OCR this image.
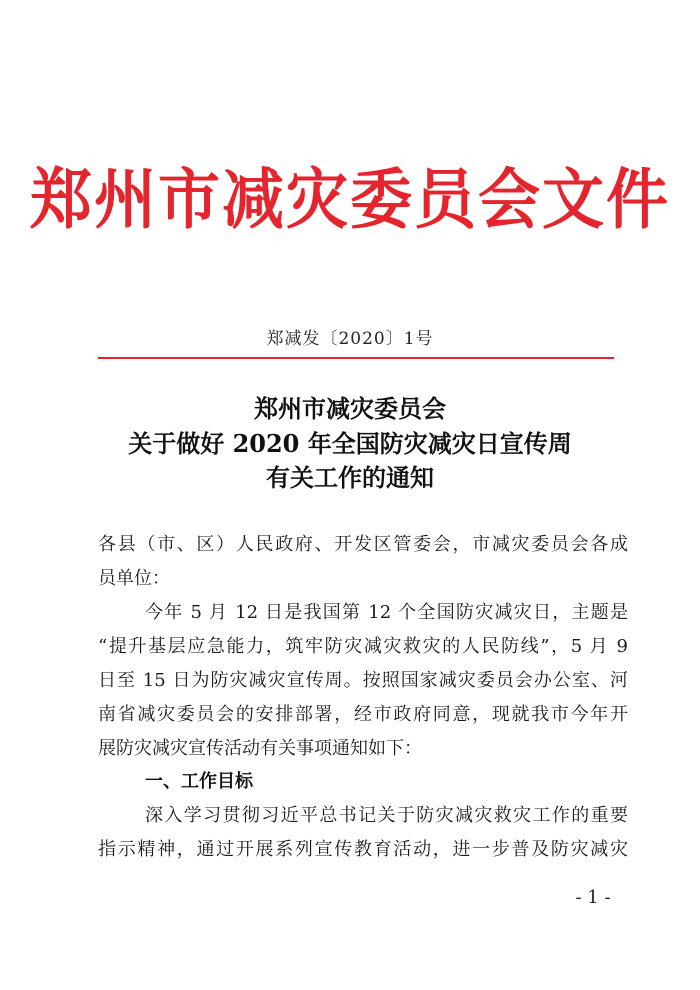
郑州市减灾委员会文件
郑减发〔2020〕1号
郑州市减灾委员会
关于做好 2020 年全国防灾减灾日宣传周
有关工作的通知
各县（市、区）人民政府、开发区管委会，市减灾委员会各成
员单位：
今年 5 月 12 日是我国第 12 个全国防灾减灾日，主题是
“提升基层应急能力，筑牢防灾减灾救灾的人民防线”，5 月 9
日至 15 日为防灾减灾宣传周。按照国家减灾委员会办公室、河
南省减灾委员会的安排部署，经市政府同意，现就我市今年开
展防灾减灾宣传活动有关事项通知如下：
一、工作目标
深入学习贯彻习近平总书记关于防灾减灾救灾工作的重要
指示精神，通过开展系列宣传教育活动，进一步普及防灾减灾
- 1 -
